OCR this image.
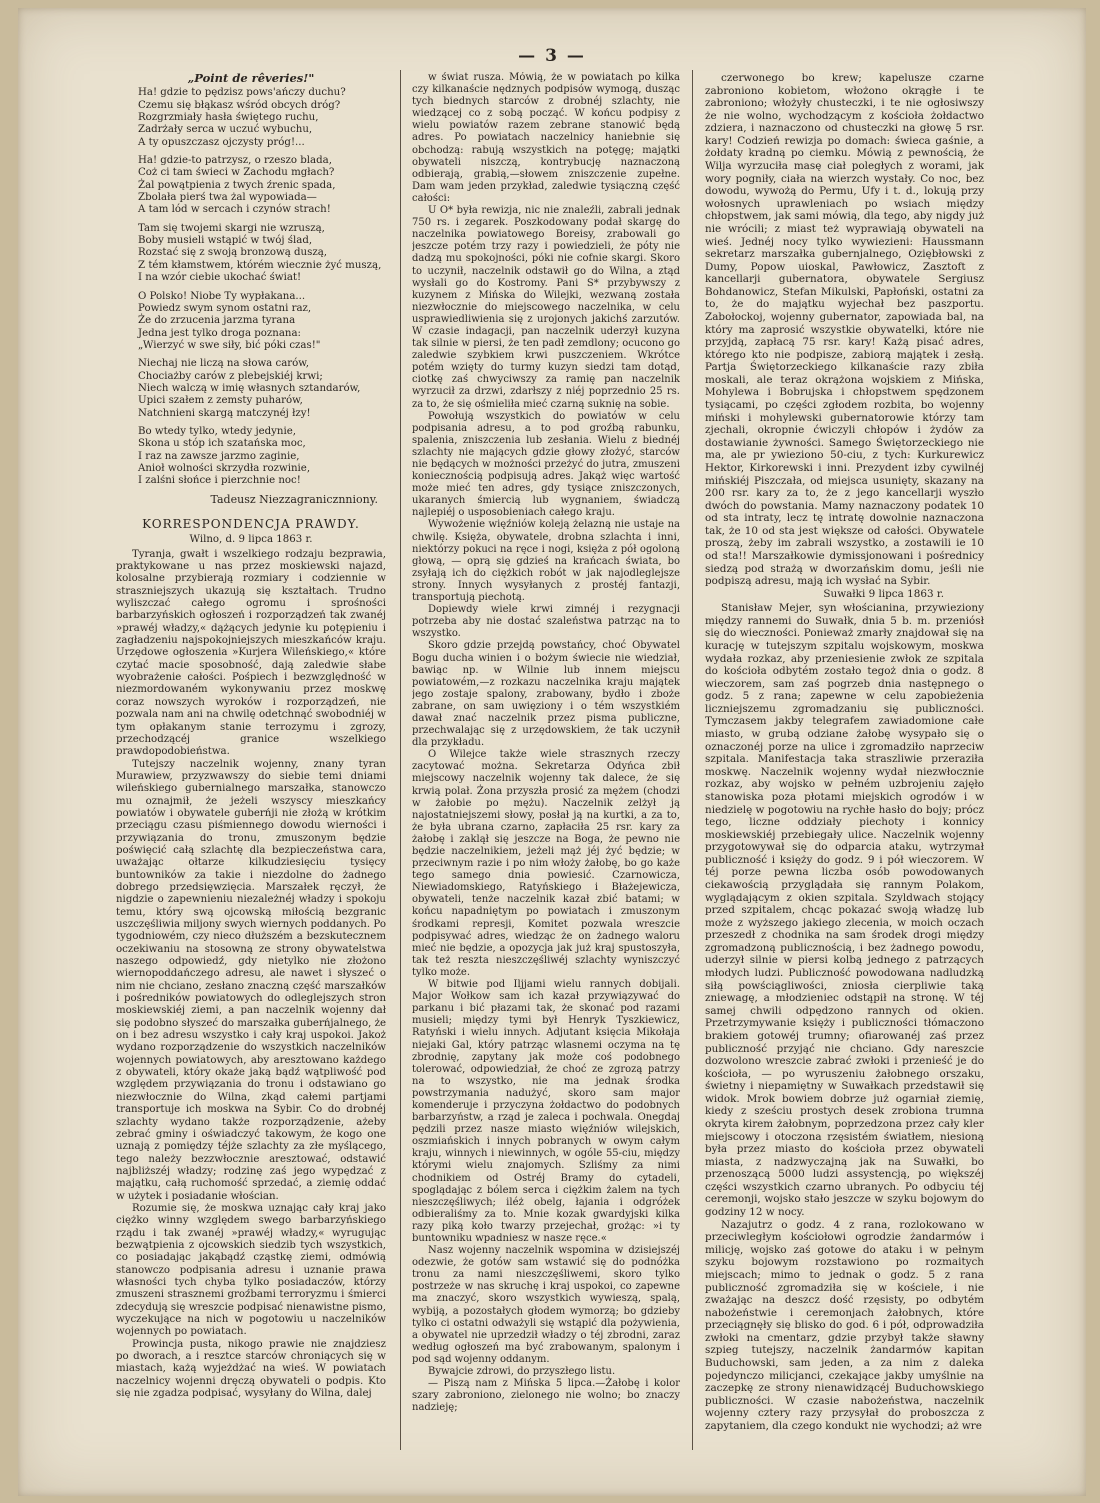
— 3 —
„Point de rêveries!"
Ha! gdzie to pędzisz pows'ańczy duchu?
Czemu się błąkasz wśród obcych dróg?
Rozgrzmiały hasła świętego ruchu,
Zadrżały serca w uczuć wybuchu,
A ty opuszczasz ojczysty próg!...
Ha! gdzie-to patrzysz, o rzeszo blada,
Coż ci tam świeci w Zachodu mgłach?
Żal powątpienia z twych źrenic spada,
Zbolała pierś twa żal wypowiada—
A tam lód w sercach i czynów strach!
Tam się twojemi skargi nie wzruszą,
Boby musieli wstąpić w twój ślad,
Rozstać się z swoją bronzową duszą,
Z tém kłamstwem, którém wiecznie żyć muszą,
I na wzór ciebie ukochać świat!
O Polsko! Niobe Ty wypłakana...
Powiedz swym synom ostatni raz,
Że do zrzucenia jarzma tyrana
Jedna jest tylko droga poznana:
„Wierzyć w swe siły, bić póki czas!"
Niechaj nie liczą na słowa carów,
Chociażby carów z plebejskiéj krwi;
Niech walczą w imię własnych sztandarów,
Upici szałem z zemsty puharów,
Natchnieni skargą matczynéj łzy!
Bo wtedy tylko, wtedy jedynie,
Skona u stóp ich szatańska moc,
I raz na zawsze jarzmo zaginie,
Anioł wolności skrzydła rozwinie,
I zalśni słońce i pierzchnie noc!
Tadeusz Niezzagranicznniony.
KORRESPONDENCJA PRAWDY.
Wilno, d. 9 lipca 1863 r.

Tyranja, gwałt i wszelkiego rodzaju bezprawia, praktykowane u nas przez moskiewski najazd, kolosalne przybierają rozmiary i codziennie w straszniejszych ukazują się kształtach. Trudno wyliszczać całego ogromu i sprośności barbarzyńskich ogłoszeń i rozporządzeń tak zwanéj »prawéj władzy,« dążących jedynie ku potępieniu i zagładzeniu najspokojniejszych mieszkańców kraju. Urzędowe ogłoszenia »Kurjera Wileńskiego,« które czytać macie sposobność, dają zaledwie słabe wyobrażenie całości. Pośpiech i bezwzględność w niezmordowaném wykonywaniu przez moskwę coraz nowszych wyroków i rozporządzeń, nie pozwala nam ani na chwilę odetchnąć swobodniéj w tym opłakanym stanie terrozymu i zgrozy, przechodzącéj granice wszelkiego prawdopodobieństwa.

Tutejszy naczelnik wojenny, znany tyran Murawiew, przyzwawszy do siebie temi dniami wileńskiego gubernialnego marszałka, stanowczo mu oznajmił, że jeżeli wszyscy mieszkańcy powiatów i obywatele guberńji nie złożą w krótkim przeciągu czasu piśmiennego dowodu wierności i przywiązania do tronu, zmuszonym będzie poświęcić całą szlachtę dla bezpieczeństwa cara, uważając ołtarze kilkudziesięciu tysięcy buntowników za takie i niezdolne do żadnego dobrego przedsięwzięcia. Marszałek ręczył, że nigdzie o zapewnieniu niezależnéj władzy i spokoju temu, który swą ojcowską miłością bezgranic uszczęśliwia miljony swych wiernych poddanych. Po tygodniowém, czy nieco dłuższém a bezskutecznem oczekiwaniu na stosowną ze strony obywatelstwa naszego odpowiedź, gdy nietylko nie złożono wiernopoddańczego adresu, ale nawet i słyszeć o nim nie chciano, zesłano znaczną część marszałków i pośredników powiatowych do odleglejszych stron moskiewskiéj ziemi, a pan naczelnik wojenny dał się podobno słyszeć do marszałka guberńjalnego, że on i bez adresu wszystko i cały kraj uspokoi. Jakoż wydano rozporządzenie do wszystkich naczelników wojennych powiatowych, aby aresztowano każdego z obywateli, który okaże jaką bądź wątpliwość pod względem przywiązania do tronu i odstawiano go niezwłocznie do Wilna, zkąd całemi partjami transportuje ich moskwa na Sybir. Co do drobnéj szlachty wydano także rozporządzenie, ażeby zebrać gminy i oświadczyć takowym, że kogo one uznają z pomiędzy téjże szlachty za złe myślącego, tego należy bezzwłocznie aresztować, odstawić najbliższéj władzy; rodzinę zaś jego wypędzać z majątku, całą ruchomość sprzedać, a ziemię oddać w użytek i posiadanie włościan.

Rozumie się, że moskwa uznając cały kraj jako ciężko winny względem swego barbarzyńskiego rządu i tak zwanéj »prawéj władzy,« wyrugując bezwątpienia z ojcowskich siedzib tych wszystkich, co posiadając jakąbądź cząstkę ziemi, odmówią stanowczo podpisania adresu i uznanie prawa własności tych chyba tylko posiadaczów, którzy zmuszeni strasznemi groźbami terroryzmu i śmierci zdecydują się wreszcie podpisać nienawistne pismo, wyczekujące na nich w pogotowiu u naczelników wojennych po powiatach.

Prowincja pusta, nikogo prawie nie znajdziesz po dworach, a i resztce starców chroniących się w miastach, każą wyjeżdżać na wieś. W powiatach naczelnicy wojenni dręczą obywateli o podpis. Kto się nie zgadza podpisać, wysyłany do Wilna, dalej

w świat rusza. Mówią, że w powiatach po kilka czy kilkanaście nędznych podpisów wymogą, dusząc tych biednych starców z drobnéj szlachty, nie wiedzącej co z sobą począć. W końcu podpisy z wielu powiatów razem zebrane stanowić będą adres. Po powiatach naczelnicy haniebnie się obchodzą: rabują wszystkich na potęgę; majątki obywateli niszczą, kontrybucję naznaczoną odbierają, grabią,—słowem zniszczenie zupełne. Dam wam jeden przykład, zaledwie tysiączną część całości:

U O* była rewizja, nic nie znaleźli, zabrali jednak 750 rs. i zegarek. Poszkodowany podał skargę do naczelnika powiatowego Boreisy, zrabowali go jeszcze potém trzy razy i powiedzieli, że póty nie dadzą mu spokojności, póki nie cofnie skargi. Skoro to uczynił, naczelnik odstawił go do Wilna, a ztąd wysłali go do Kostromy. Pani S* przybywszy z kuzynem z Mińska do Wilejki, wezwaną została niezwłocznie do miejscowego naczelnika, w celu usprawiedliwienia się z urojonych jakichś zarzutów. W czasie indagacji, pan naczelnik uderzył kuzyna tak silnie w piersi, że ten padł zemdlony; ocucono go zaledwie szybkiem krwi puszczeniem. Wkrótce potém wzięty do turmy kuzyn siedzi tam dotąd, ciotkę zaś chwyciwszy za ramię pan naczelnik wyrzucił za drzwi, zdarłszy z niéj poprzednio 25 rs. za to, że się ośmieliła mieć czarną suknię na sobie.

Powołują wszystkich do powiatów w celu podpisania adresu, a to pod groźbą rabunku, spalenia, zniszczenia lub zesłania. Wielu z biednéj szlachty nie mających gdzie głowy złożyć, starców nie będących w możności przeżyć do jutra, zmuszeni koniecznością podpisują adres. Jakąż więc wartość może mieć ten adres, gdy tysiące zniszczonych, ukaranych śmiercią lub wygnaniem, świadczą najlepiéj o usposobieniach całego kraju.

Wywożenie więźniów koleją żelazną nie ustaje na chwilę. Księża, obywatele, drobna szlachta i inni, niektórzy pokuci na ręce i nogi, księża z pół ogoloną głową, — oprą się gdzieś na krańcach świata, bo zsyłają ich do ciężkich robót w jak najodleglejsze strony. Innych wysyłanych z prostéj fantazji, transportują piechotą.

Dopiewdy wiele krwi zimnéj i rezygnacji potrzeba aby nie dostać szaleństwa patrząc na to wszystko.

Skoro gdzie przejdą powstańcy, choć Obywatel Bogu ducha winien i o bożym świecie nie wiedział, bawiąc np. w Wilnie lub innem miejscu powiatowém,—z rozkazu naczelnika kraju majątek jego zostaje spalony, zrabowany, bydło i zboże zabrane, on sam uwięziony i o tém wszystkiém dawał znać naczelnik przez pisma publiczne, przechwalając się z urzędowskiem, że tak uczynił dla przykładu.

O Wilejce także wiele strasznych rzeczy zacytować można. Sekretarza Odyńca zbił miejscowy naczelnik wojenny tak dalece, że się krwią polał. Żona przyszła prosić za mężem (chodzi w żałobie po mężu). Naczelnik zelżył ją najostatniejszemi słowy, posłał ją na kurtki, a za to, że była ubrana czarno, zapłaciła 25 rsr. kary za żałobę i zaklął się jeszcze na Boga, że pewno nie będzie naczelnikiem, jeżeli mąż jéj żyć będzie; w przeciwnym razie i po nim włoży żałobę, bo go każe tego samego dnia powiesić. Czarnowicza, Niewiadomskiego, Ratyńskiego i Błażejewicza, obywateli, tenże naczelnik kazał zbić batami; w końcu napadniętym po powiatach i zmuszonym środkami represji, Komitet pozwala wreszcie podpisywać adres, wiedząc że on żadnego waloru mieć nie będzie, a opozycja jak już kraj spustoszyła, tak też reszta nieszczęśliwéj szlachty wyniszczyć tylko może.

W bitwie pod Iljjami wielu rannych dobijali. Major Wołkow sam ich kazał przywiązywać do parkanu i bić płazami tak, że skonać pod razami musieli; między tymi był Henryk Tyszkiewicz, Ratyński i wielu innych. Adjutant księcia Mikołaja niejaki Gal, który patrząc wlasnemi oczyma na tę zbrodnię, zapytany jak może coś podobnego tolerować, odpowiedział, że choć ze zgrozą patrzy na to wszystko, nie ma jednak środka powstrzymania nadużyć, skoro sam major komenderuje i przyczyna żołdactwo do podobnych barbarzyństw, a rząd je zaleca i pochwala. Onegdaj pędzili przez nasze miasto więźniów wilejskich, oszmiańskich i innych pobranych w owym całym kraju, winnych i niewinnych, w ogóle 55-ciu, między którymi wielu znajomych. Szliśmy za nimi chodnikiem od Ostréj Bramy do cytadeli, spoglądając z bólem serca i ciężkim żalem na tych nieszczęśliwych; iléż obelg, łajania i odgróżek odbieraliśmy za to. Mnie kozak gwardyjski kilka razy piką koło twarzy przejechał, grożąc: »i ty buntowniku wpadniesz w nasze ręce.«

Nasz wojenny naczelnik wspomina w dzisiejszéj odezwie, że gotów sam wstawić się do podnóżka tronu za nami nieszczęśliwemi, skoro tylko postrzeże w nas skruchę i kraj uspokoi, co zapewne ma znaczyć, skoro wszystkich wywieszą, spalą, wybiją, a pozostałych głodem wymorzą; bo gdzieby tylko ci ostatni odważyli się wstąpić dla pożywienia, a obywatel nie uprzedził władzy o téj zbrodni, zaraz według ogłoszeń ma być zrabowanym, spalonym i pod sąd wojenny oddanym.

Bywajcie zdrowi, do przyszłego listu.

— Piszą nam z Mińska 5 lipca.—Żałobę i kolor szary zabroniono, zielonego nie wolno; bo znaczy nadzieję;

czerwonego bo krew; kapelusze czarne zabroniono kobietom, włożono okrągłe i te zabroniono; włożyły chusteczki, i te nie ogłosiwszy że nie wolno, wychodzącym z kościoła żołdactwo zdziera, i naznaczono od chusteczki na głowę 5 rsr. kary! Codzień rewizja po domach: świeca gaśnie, a żołdaty kradną po ciemku. Mówią z pewnością, że Wilja wyrzuciła masę ciał poległych z worami, jak wory pogniły, ciała na wierzch wystały. Co noc, bez dowodu, wywożą do Permu, Ufy i t. d., lokują przy wołosnych uprawleniach po wsiach między chłopstwem, jak sami mówią, dla tego, aby nigdy już nie wrócili; z miast też wyprawiają obywateli na wieś. Jednéj nocy tylko wywiezieni: Haussmann sekretarz marszałka gubernjalnego, Oziębłowski z Dumy, Popow uioskal, Pawłowicz, Zasztoft z kancellarji gubernatora, obywatele Sergiusz Bohdanowicz, Stefan Mikulski, Papłoński, ostatni za to, że do majątku wyjechał bez paszportu. Zabołockoj, wojenny gubernator, zapowiada bal, na który ma zaprosić wszystkie obywatelki, które nie przyjdą, zapłacą 75 rsr. kary! Każą pisać adres, którego kto nie podpisze, zabiorą majątek i zesłą. Partja Świętorzeckiego kilkanaście razy zbiła moskali, ale teraz okrążona wojskiem z Mińska, Mohylewa i Bobrujska i chłopstwem spędzonem tysiącami, po części zgłodem rozbita, bo wojenny miński i mohylewski gubernatorowie którzy tam zjechali, okropnie ćwiczyli chłopów i żydów za dostawianie żywności. Samego Świętorzeckiego nie ma, ale pr ywieziono 50-ciu, z tych: Kurkurewicz Hektor, Kirkorewski i inni. Prezydent izby cywilnéj mińskiéj Piszczała, od miejsca usunięty, skazany na 200 rsr. kary za to, że z jego kancellarji wyszło dwóch do powstania. Mamy naznaczony podatek 10 od sta intraty, lecz tę intratę dowolnie naznaczona tak, że 10 od sta jest większe od całości. Obywatele proszą, żeby im zabrali wszystko, a zostawili ie 10 od sta!! Marszałkowie dymissjonowani i pośrednicy siedzą pod strażą w dworzańskim domu, jeśli nie podpiszą adresu, mają ich wysłać na Sybir.

Suwałki 9 lipca 1863 r.

Stanisław Mejer, syn włościanina, przywieziony między rannemi do Suwałk, dnia 5 b. m. przeniósł się do wieczności. Ponieważ zmarły znajdował się na kurację w tutejszym szpitalu wojskowym, moskwa wydała rozkaz, aby przeniesienie zwłok ze szpitala do kościoła odbytém zostało tegoż dnia o godz. 8 wieczorem, sam zaś pogrzeb dnia następnego o godz. 5 z rana; zapewne w celu zapobieżenia liczniejszemu zgromadzaniu się publiczności. Tymczasem jakby telegrafem zawiadomione całe miasto, w grubą odziane żałobę wysypało się o oznaczonéj porze na ulice i zgromadziło naprzeciw szpitala. Manifestacja taka straszliwie przeraziła moskwę. Naczelnik wojenny wydał niezwłocznie rozkaz, aby wojsko w pełném uzbrojeniu zajęło stanowiska poza płotami miejskich ogrodów i w niedzielę w pogotowiu na rychłe hasło do bojy; prócz tego, liczne oddziały piechoty i konnicy moskiewskiéj przebiegały ulice. Naczelnik wojenny przygotowywał się do odparcia ataku, wytrzymał publiczność i księży do godz. 9 i pół wieczorem. W téj porze pewna liczba osób powodowanych ciekawością przyglądała się rannym Polakom, wyglądającym z okien szpitala. Szyldwach stojący przed szpitalem, chcąc pokazać swoją władzę lub może z wyższego jakiego zlecenia, w moich oczach przeszedł z chodnika na sam środek drogi między zgromadzoną publicznością, i bez żadnego powodu, uderzył silnie w piersi kolbą jednego z patrzących młodych ludzi. Publiczność powodowana nadludzką siłą powściągliwości, zniosła cierpliwie taką zniewagę, a młodzieniec odstąpił na stronę. W téj samej chwili odpędzono rannych od okien. Przetrzymywanie księży i publiczności tłómaczono brakiem gotowéj trumny; ofiarowanéj zaś przez publiczność przyjąć nie chciano. Gdy nareszcie dozwolono wreszcie zabrać zwłoki i przenieść je do kościoła, — po wyruszeniu żałobnego orszaku, świetny i niepamiętny w Suwałkach przedstawił się widok. Mrok bowiem dobrze już ogarniał ziemię, kiedy z sześciu prostych desek zrobiona trumna okryta kirem żałobnym, poprzedzona przez cały kler miejscowy i otoczona rzęsistém światłem, niesioną była przez miasto do kościoła przez obywateli miasta, z nadzwyczajną jak na Suwałki, bo przenoszącą 5000 ludzi assystencją, po większéj części wszystkich czarno ubranych. Po odbyciu téj ceremonji, wojsko stało jeszcze w szyku bojowym do godziny 12 w nocy.

Nazajutrz o godz. 4 z rana, rozlokowano w przeciwległym kościołowi ogrodzie żandarmów i milicję, wojsko zaś gotowe do ataku i w pełnym szyku bojowym rozstawiono po rozmaitych miejscach; mimo to jednak o godz. 5 z rana publiczność zgromadziła się w kościele, i nie zważając na deszcz dość rzęsisty, po odbytém nabożeństwie i ceremonjach żałobnych, które przeciągnęły się blisko do god. 6 i pół, odprowadziła zwłoki na cmentarz, gdzie przybył także sławny szpieg tutejszy, naczelnik żandarmów kapitan Buduchowski, sam jeden, a za nim z daleka pojedynczo milicjanci, czekające jakby umyślnie na zaczepkę ze strony nienawidzącéj Buduchowskiego publiczności. W czasie nabożeństwa, naczelnik wojenny cztery razy przysyłał do proboszcza z zapytaniem, dla czego kondukt nie wychodzi; aż wre
